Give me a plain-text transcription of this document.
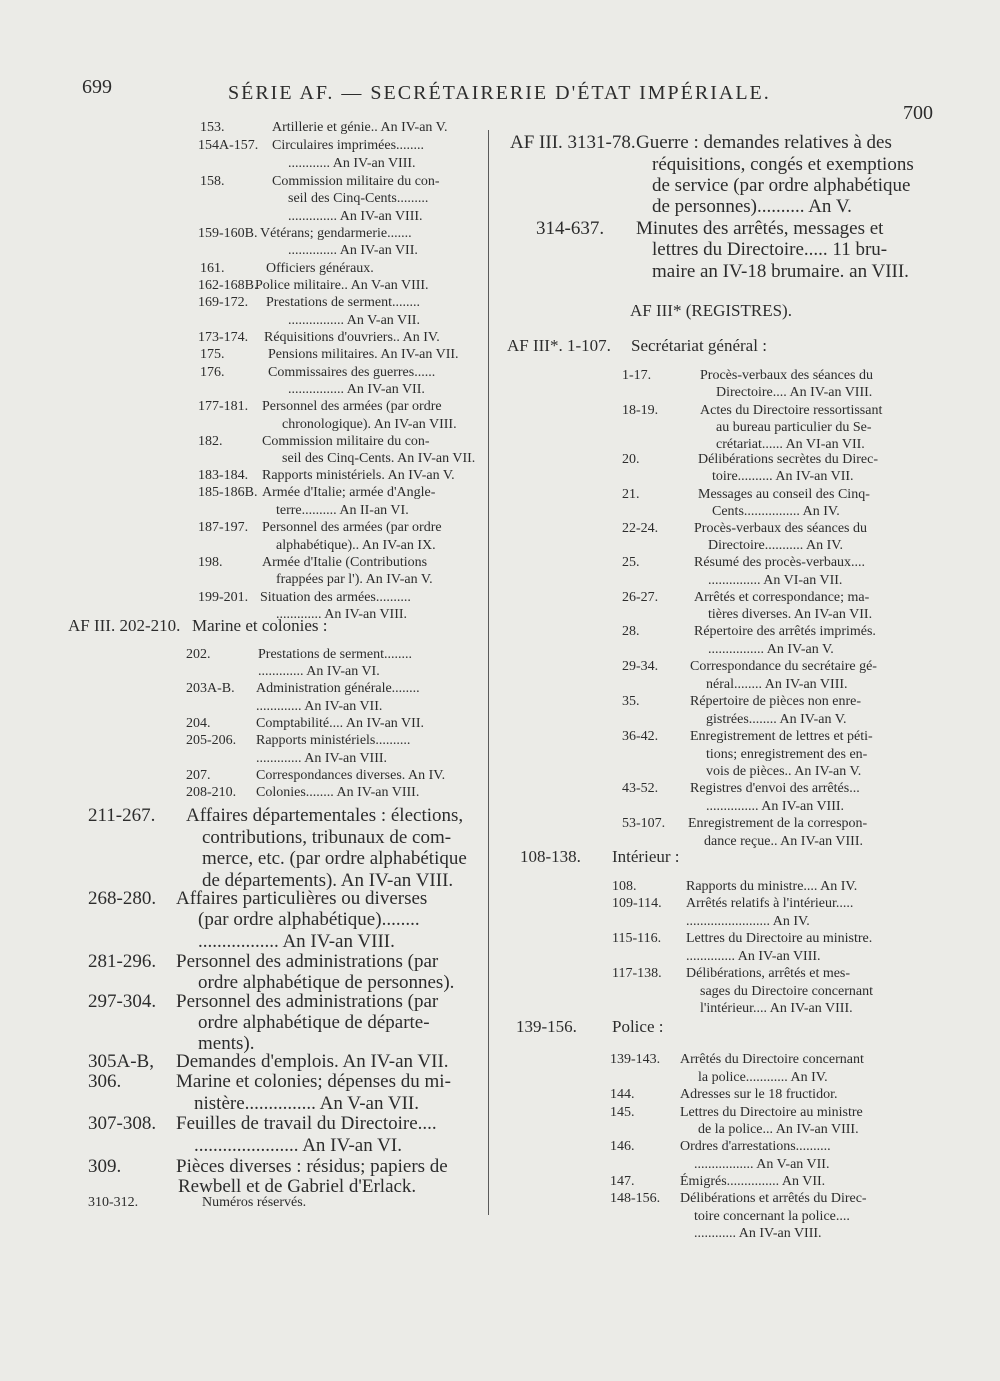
699	SÉRIE AF. — SECRÉTAIRERIE D'ÉTAT IMPÉRIALE.
700
153.	Artillerie et génie.. An IV-an V.
154A-157. Circulaires imprimées........
............ An IV-an VIII.
158.	Commission militaire du con-
seil des Cinq-Cents.........
.............. An IV-an VIII.
159-160B. Vétérans; gendarmerie.......
.............. An IV-an VII.
161.	Officiers généraux.
162-168B.
Police militaire.. An V-an VIII.
169-172. Prestations de serment........
................ An V-an VII.
173-174. Réquisitions d'ouvriers.. An IV.
175.	Pensions militaires. An IV-an VII.
176.	Commissaires des guerres......
................ An IV-an VII.
177-181. Personnel des armées (par ordre
chronologique). An IV-an VIII.
182.	Commission militaire du con-
seil des Cinq-Cents. An IV-an VII.
183-184. Rapports ministériels. An IV-an V.
185-186B. Armée d'Italie; armée d'Angle-
terre.......... An II-an VI.
187-197. Personnel des armées (par ordre
alphabétique).. An IV-an IX.
198.	Armée d'Italie (Contributions
frappées par l'). An IV-an V.
199-201. Situation des armées..........
............. An IV-an VIII.
AF III. 202-210. Marine et colonies :
202.	Prestations de serment........
............. An IV-an VI.
203A-B. Administration générale........
............. An IV-an VII.
204.	Comptabilité.... An IV-an VII.
205-206. Rapports ministériels..........
............. An IV-an VIII.
207.	Correspondances diverses. An IV.
208-210. Colonies........ An IV-an VIII.
211-267. Affaires départementales : élections,
contributions, tribunaux de com-
merce, etc. (par ordre alphabétique
de départements). An IV-an VIII.
268-280. Affaires particulières ou diverses
(par ordre alphabétique)........
................. An IV-an VIII.
281-296. Personnel des administrations (par
ordre alphabétique de personnes).
297-304. Personnel des administrations (par
ordre alphabétique de départe-
ments).
305A-B, Demandes d'emplois. An IV-an VII.
306.	Marine et colonies; dépenses du mi-
nistère............... An V-an VII.
307-308. Feuilles de travail du Directoire....
...................... An IV-an VI.
309.	Pièces diverses : résidus; papiers de
Rewbell et de Gabriel d'Erlack.
310-312.	Numéros réservés.
AF III. 3131-78. Guerre : demandes relatives à des
réquisitions, congés et exemptions
de service (par ordre alphabétique
de personnes).......... An V.
314-637. Minutes des arrêtés, messages et
lettres du Directoire..... 11 bru-
maire an IV-18 brumaire. an VIII.
AF III* (REGISTRES).
AF III*. 1-107. Secrétariat général :
1-17.	Procès-verbaux des séances du
Directoire.... An IV-an VIII.
18-19.	Actes du Directoire ressortissant
au bureau particulier du Se-
crétariat...... An VI-an VII.
20.	Délibérations secrètes du Direc-
toire.......... An IV-an VII.
21.	Messages au conseil des Cinq-
Cents................ An IV.
22-24.	Procès-verbaux des séances du
Directoire........... An IV.
25.	Résumé des procès-verbaux....
............... An VI-an VII.
26-27.	Arrêtés et correspondance; ma-
tières diverses. An IV-an VII.
28.	Répertoire des arrêtés imprimés.
................ An IV-an V.
29-34. Correspondance du secrétaire gé-
néral........ An IV-an VIII.
35.	Répertoire de pièces non enre-
gistrées........ An IV-an V.
36-42. Enregistrement de lettres et péti-
tions; enregistrement des en-
vois de pièces.. An IV-an V.
43-52. Registres d'envoi des arrêtés...
............... An IV-an VIII.
53-107. Enregistrement de la correspon-
dance reçue.. An IV-an VIII.
108-138. Intérieur :
108.	Rapports du ministre.... An IV.
109-114. Arrêtés relatifs à l'intérieur.....
........................ An IV.
115-116. Lettres du Directoire au ministre.
.............. An IV-an VIII.
117-138. Délibérations, arrêtés et mes-
sages du Directoire concernant
l'intérieur.... An IV-an VIII.
139-156. Police :
139-143. Arrêtés du Directoire concernant
la police............ An IV.
144.	Adresses sur le 18 fructidor.
145.	Lettres du Directoire au ministre
de la police... An IV-an VIII.
146.	Ordres d'arrestations..........
................. An V-an VII.
147.	Émigrés............... An VII.
148-156. Délibérations et arrêtés du Direc-
toire concernant la police....
............ An IV-an VIII.
